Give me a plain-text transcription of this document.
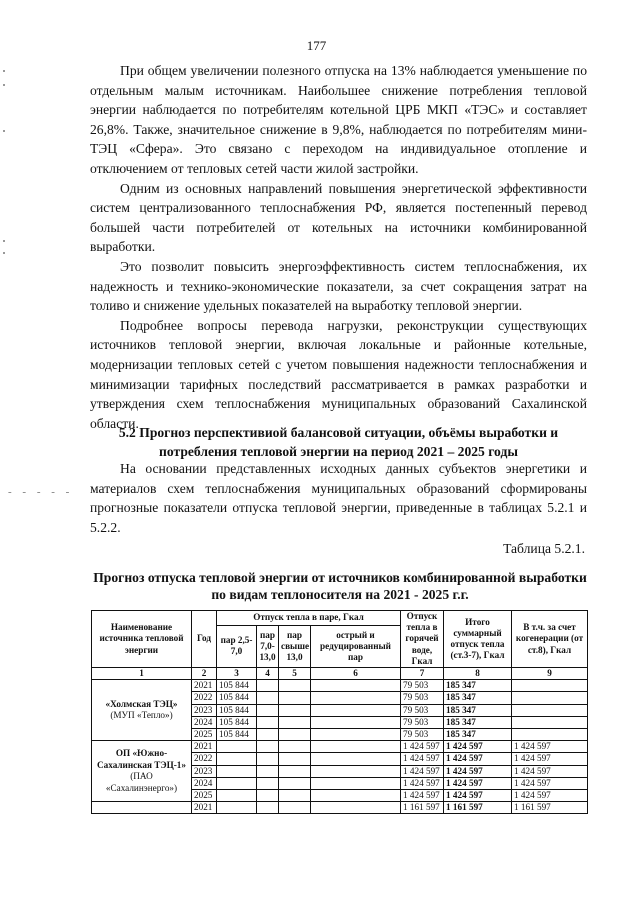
177
- - - - -

При общем увеличении полезного отпуска на 13% наблюдается уменьшение по отдельным малым источникам. Наибольшее снижение потребления тепловой энергии наблюдается по потребителям котельной ЦРБ МКП «ТЭС» и составляет 26,8%. Также, значительное снижение в 9,8%, наблюдается по потребителям мини-ТЭЦ «Сфера». Это связано с переходом на индивидуальное отопление и отключением от тепловых сетей части жилой застройки.

Одним из основных направлений повышения энергетической эффективности систем централизованного теплоснабжения РФ, является постепенный перевод большей части потребителей от котельных на источники комбинированной выработки.

Это позволит повысить энергоэффективность систем теплоснабжения, их надежность и технико-экономические показатели, за счет сокращения затрат на толиво и снижение удельных показателей на выработку тепловой энергии.

Подробнее вопросы перевода нагрузки, реконструкции существующих источников тепловой энергии, включая локальные и районные котельные, модернизации тепловых сетей с учетом повышения надежности теплоснабжения и минимизации тарифных последствий рассматривается в рамках разработки и утверждения схем теплоснабжения муниципальных образований Сахалинской области.

5.2 Прогноз перспективиой балансовой ситуации, объёмы выработки и потребления тепловой энергии на период 2021 – 2025 годы

На основании представленных исходных данных субъектов энергетики и материалов схем теплоснабжения муниципальных образований сформированы прогнозные показатели отпуска тепловой энергии, приведенные в таблицах 5.2.1 и 5.2.2.

Таблица 5.2.1.
Прогноз отпуска тепловой энергии от источников комбинированной выработки по видам теплоносителя на 2021 - 2025 г.г.
Наименование источника тепловой энергии	Год	Отпуск тепла в паре, Гкал				Отпуск тепла в горячей воде, Гкал	Итого суммарный отпуск тепла (ст.3-7), Гкал	В т.ч. за счет когенерации (от ст.8), Гкал
		пар 2,5-7,0	пар 7,0-13,0	пар свыше 13,0	острый и редуцированный пар			
1	2	3	4	5	6	7	8	9
«Холмская ТЭЦ»
(МУП «Тепло»)	2021	105 844				79 503	185 347	
	2022	105 844				79 503	185 347	
	2023	105 844				79 503	185 347	
	2024	105 844				79 503	185 347	
	2025	105 844				79 503	185 347	
ОП «Южно-Сахалинская ТЭЦ-1»
(ПАО «Сахалинэнерго»)	2021					1 424 597	1 424 597	1 424 597
	2022					1 424 597	1 424 597	1 424 597
	2023					1 424 597	1 424 597	1 424 597
	2024					1 424 597	1 424 597	1 424 597
	2025					1 424 597	1 424 597	1 424 597
	2021					1 161 597	1 161 597	1 161 597
